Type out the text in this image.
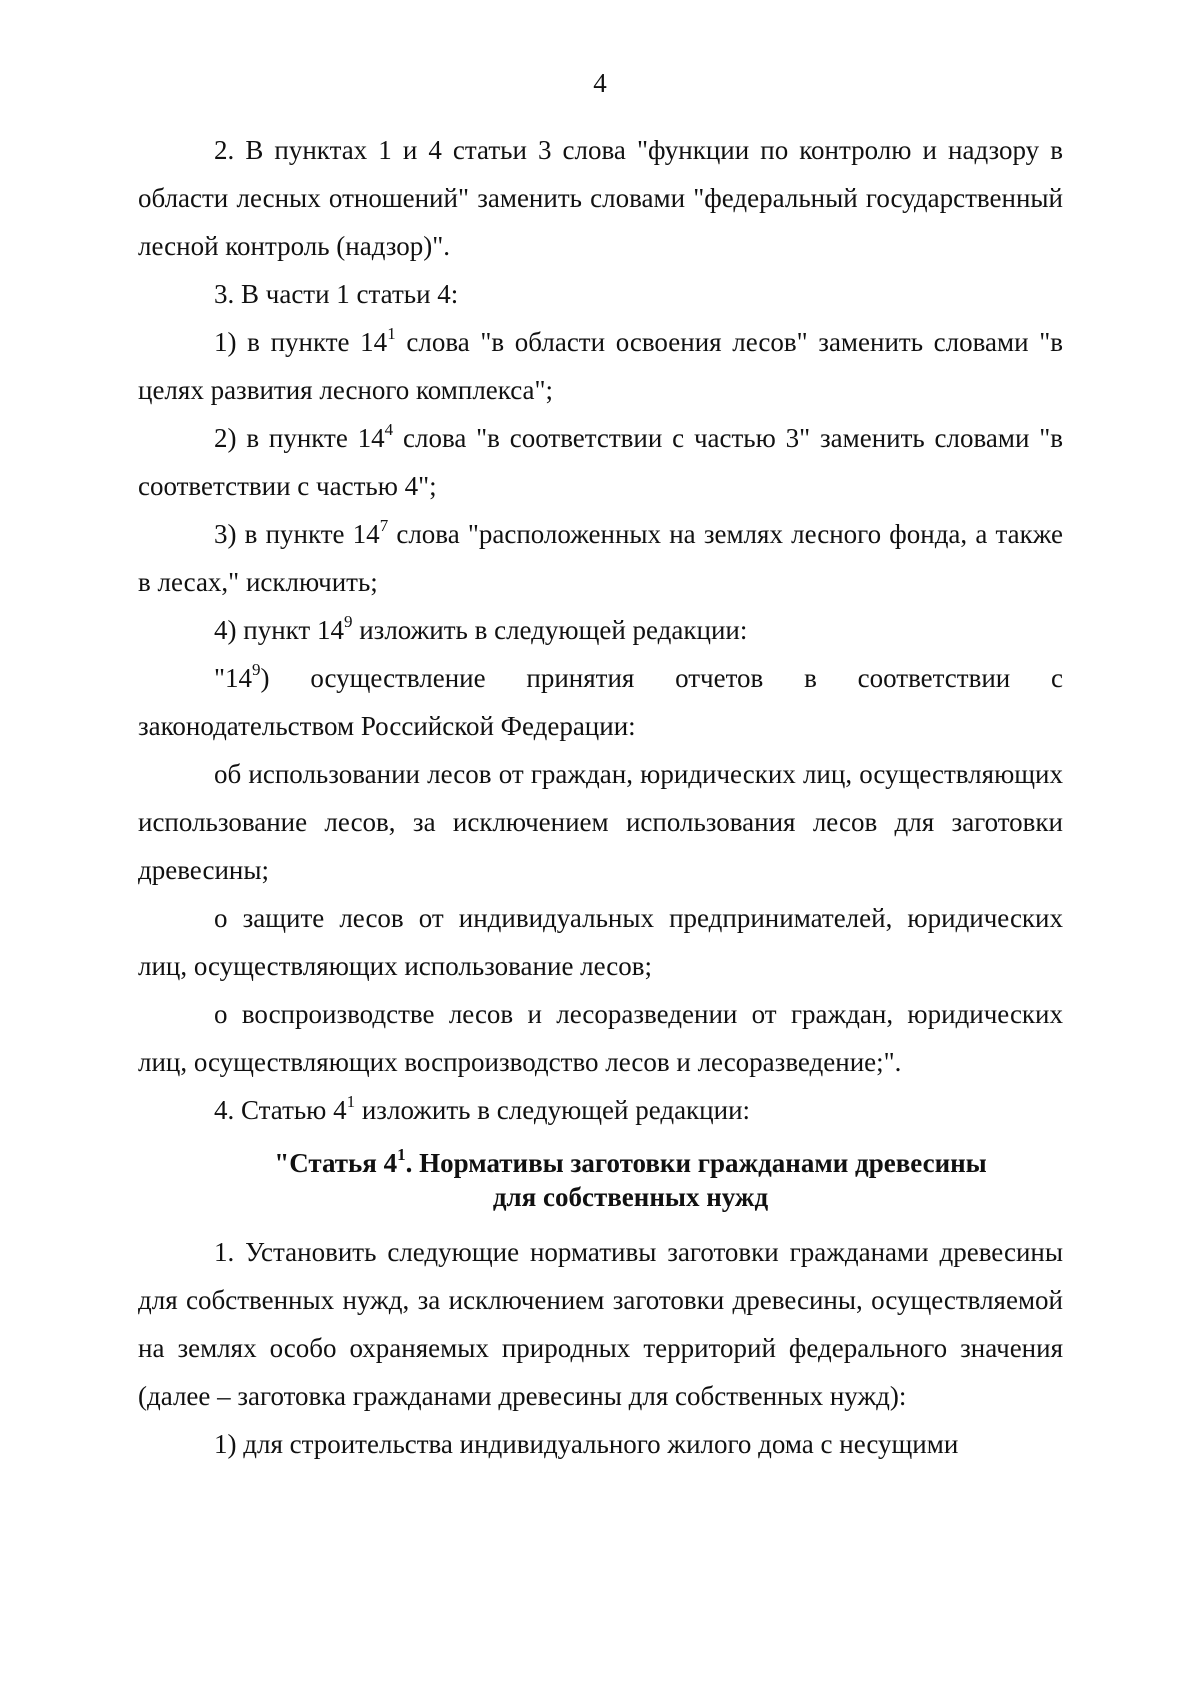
4

2. В пунктах 1 и 4 статьи 3 слова "функции по контролю и надзору в области лесных отношений" заменить словами "федеральный государственный лесной контроль (надзор)".

3. В части 1 статьи 4:

1) в пункте $14^1$ слова "в области освоения лесов" заменить словами "в целях развития лесного комплекса";

2) в пункте $14^4$ слова "в соответствии с частью 3" заменить словами "в соответствии с частью 4";

3) в пункте $14^7$ слова "расположенных на землях лесного фонда, а также в лесах," исключить;

4) пункт $14^9$ изложить в следующей редакции:

"$14^9$) осуществление принятия отчетов в соответствии с законодательством Российской Федерации:

об использовании лесов от граждан, юридических лиц, осуществляющих использование лесов, за исключением использования лесов для заготовки древесины;

о защите лесов от индивидуальных предпринимателей, юридических лиц, осуществляющих использование лесов;

о воспроизводстве лесов и лесоразведении от граждан, юридических лиц, осуществляющих воспроизводство лесов и лесоразведение;".

4. Статью $4^1$ изложить в следующей редакции:

"Статья $4^1$. Нормативы заготовки гражданами древесины
для собственных нужд

1. Установить следующие нормативы заготовки гражданами древесины для собственных нужд, за исключением заготовки древесины, осуществляемой на землях особо охраняемых природных территорий федерального значения (далее – заготовка гражданами древесины для собственных нужд):

1) для строительства индивидуального жилого дома с несущими
